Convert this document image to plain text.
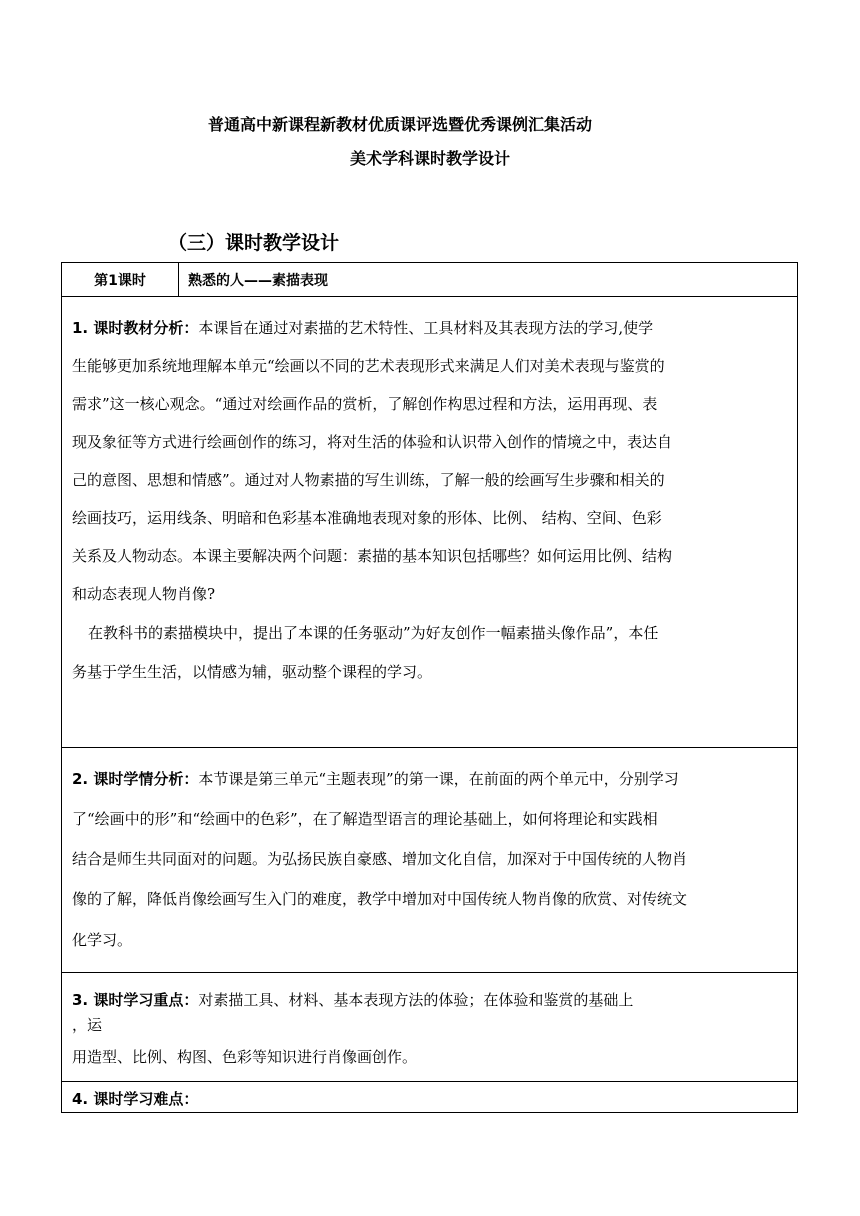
普通高中新课程新教材优质课评选暨优秀课例汇集活动
美术学科课时教学设计
（三）课时教学设计
第1课时	熟悉的人——素描表现
1. 课时教材分析：本课旨在通过对素描的艺术特性、工具材料及其表现方法的学习,使学
生能够更加系统地理解本单元“绘画以不同的艺术表现形式来满足人们对美术表现与鉴赏的
需求”这一核心观念。“通过对绘画作品的赏析，了解创作构思过程和方法，运用再现、表
现及象征等方式进行绘画创作的练习，将对生活的体验和认识带入创作的情境之中，表达自
己的意图、思想和情感”。通过对人物素描的写生训练，了解一般的绘画写生步骤和相关的
绘画技巧，运用线条、明暗和色彩基本准确地表现对象的形体、比例、 结构、空间、色彩
关系及人物动态。本课主要解决两个问题：素描的基本知识包括哪些？如何运用比例、结构
和动态表现人物肖像?
在教科书的素描模块中，提出了本课的任务驱动”为好友创作一幅素描头像作品”，本任
务基于学生生活，以情感为辅，驱动整个课程的学习。
2. 课时学情分析：本节课是第三单元“主题表现”的第一课，在前面的两个单元中，分别学习
了“绘画中的形”和“绘画中的色彩”，在了解造型语言的理论基础上，如何将理论和实践相
结合是师生共同面对的问题。为弘扬民族自豪感、增加文化自信，加深对于中国传统的人物肖
像的了解，降低肖像绘画写生入门的难度，教学中增加对中国传统人物肖像的欣赏、对传统文
化学习。
3. 课时学习重点：对素描工具、材料、基本表现方法的体验；在体验和鉴赏的基础上
，运
用造型、比例、构图、色彩等知识进行肖像画创作。
4. 课时学习难点：
